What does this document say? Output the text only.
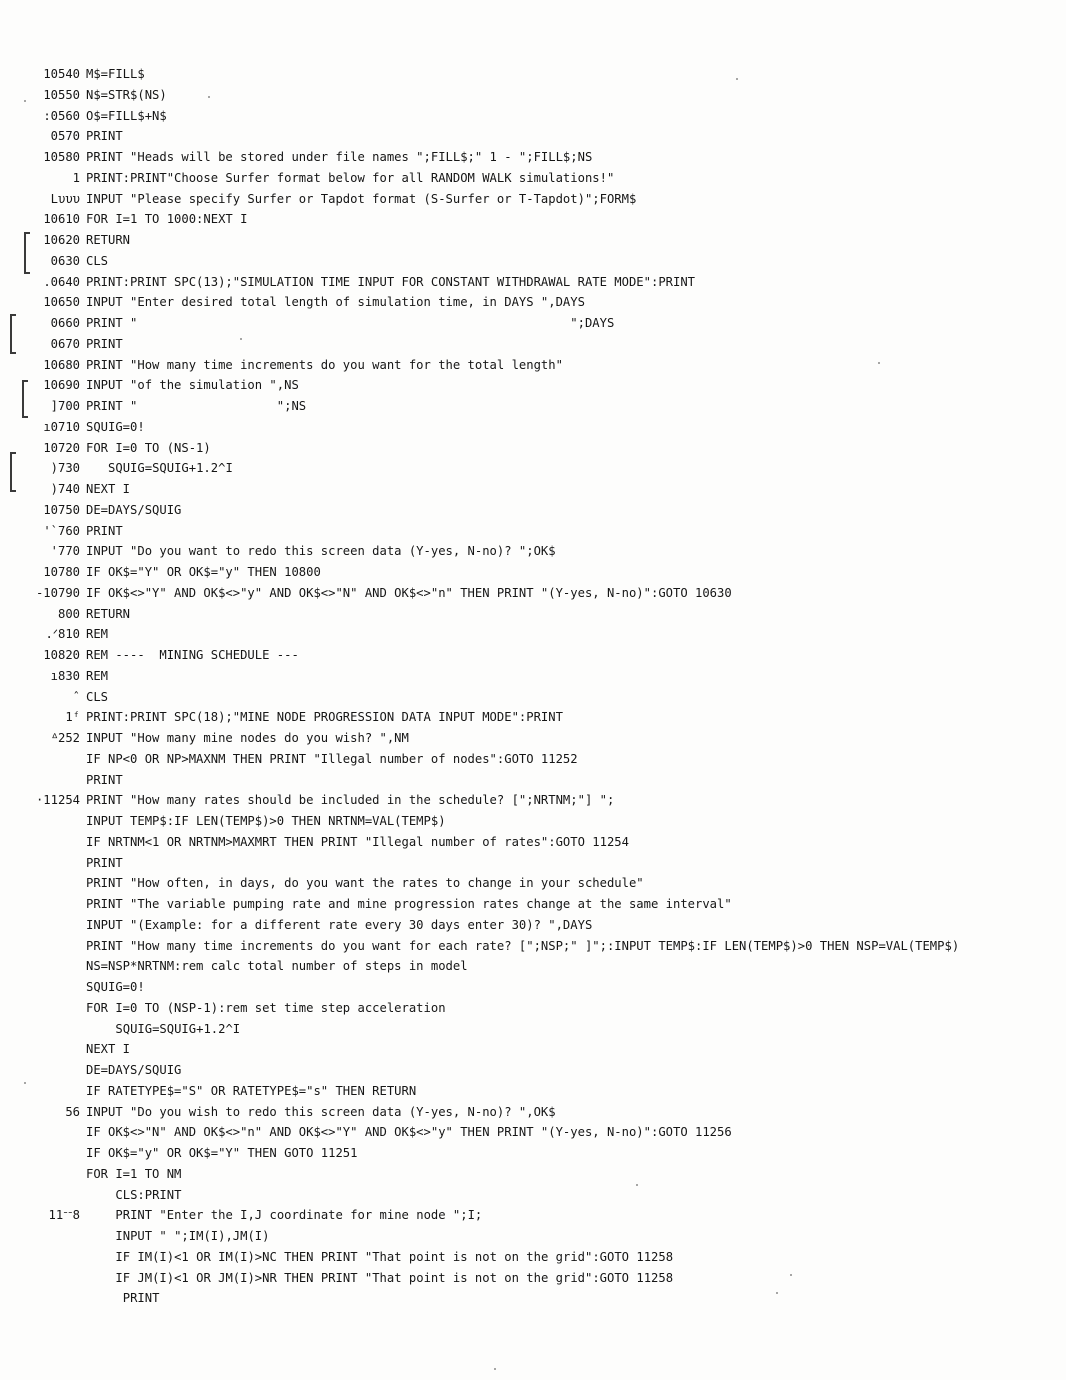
10540 M$=FILL$
10550 N$=STR$(NS)
:0560 O$=FILL$+N$
0570 PRINT
10580 PRINT "Heads will be stored under file names ";FILL$;" 1 - ";FILL$;NS
1 PRINT:PRINT"Choose Surfer format below for all RANDOM WALK simulations!"
Lυυυ INPUT "Please specify Surfer or Tapdot format (S-Surfer or T-Tapdot)";FORM$
10610 FOR I=1 TO 1000:NEXT I
10620 RETURN
0630 CLS
.0640 PRINT:PRINT SPC(13);"SIMULATION TIME INPUT FOR CONSTANT WITHDRAWAL RATE MODE":PRINT
10650 INPUT "Enter desired total length of simulation time, in DAYS ",DAYS
0660 PRINT "                                                           ";DAYS
0670 PRINT
10680 PRINT "How many time increments do you want for the total length"
10690 INPUT "of the simulation ",NS
]700 PRINT "                   ";NS
ı0710 SQUIG=0!
10720 FOR I=0 TO (NS-1)
)730 SQUIG=SQUIG+1.2^I
)740 NEXT I
10750 DE=DAYS/SQUIG
'`760 PRINT
'770 INPUT "Do you want to redo this screen data (Y-yes, N-no)? ";OK$
10780 IF OK$="Y" OR OK$="y" THEN 10800
-10790 IF OK$<>"Y" AND OK$<>"y" AND OK$<>"N" AND OK$<>"n" THEN PRINT "(Y-yes, N-no)":GOTO 10630
800 RETURN
.ᐟ810 REM
10820 REM ----  MINING SCHEDULE ---
ı830 REM
ˆ CLS
1ᶠ PRINT:PRINT SPC(18);"MINE NODE PROGRESSION DATA INPUT MODE":PRINT
ᐞ252 INPUT "How many mine nodes do you wish? ",NM
IF NP<0 OR NP>MAXNM THEN PRINT "Illegal number of nodes":GOTO 11252
PRINT
·11254 PRINT "How many rates should be included in the schedule? [";NRTNM;"] ";
INPUT TEMP$:IF LEN(TEMP$)>0 THEN NRTNM=VAL(TEMP$)
IF NRTNM<1 OR NRTNM>MAXMRT THEN PRINT "Illegal number of rates":GOTO 11254
PRINT
PRINT "How often, in days, do you want the rates to change in your schedule"
PRINT "The variable pumping rate and mine progression rates change at the same interval"
INPUT "(Example: for a different rate every 30 days enter 30)? ",DAYS
PRINT "How many time increments do you want for each rate? [";NSP;" ]";:INPUT TEMP$:IF LEN(TEMP$)>0 THEN NSP=VAL(TEMP$)
NS=NSP*NRTNM:rem calc total number of steps in model
SQUIG=0!
FOR I=0 TO (NSP-1):rem set time step acceleration
SQUIG=SQUIG+1.2^I
NEXT I
DE=DAYS/SQUIG
IF RATETYPE$="S" OR RATETYPE$="s" THEN RETURN
56 INPUT "Do you wish to redo this screen data (Y-yes, N-no)? ",OK$
IF OK$<>"N" AND OK$<>"n" AND OK$<>"Y" AND OK$<>"y" THEN PRINT "(Y-yes, N-no)":GOTO 11256
IF OK$="y" OR OK$="Y" THEN GOTO 11251
FOR I=1 TO NM
CLS:PRINT
11ᐨᐨ8	PRINT "Enter the I,J coordinate for mine node ";I;
INPUT " ";IM(I),JM(I)
IF IM(I)<1 OR IM(I)>NC THEN PRINT "That point is not on the grid":GOTO 11258
IF JM(I)<1 OR JM(I)>NR THEN PRINT "That point is not on the grid":GOTO 11258
PRINT
